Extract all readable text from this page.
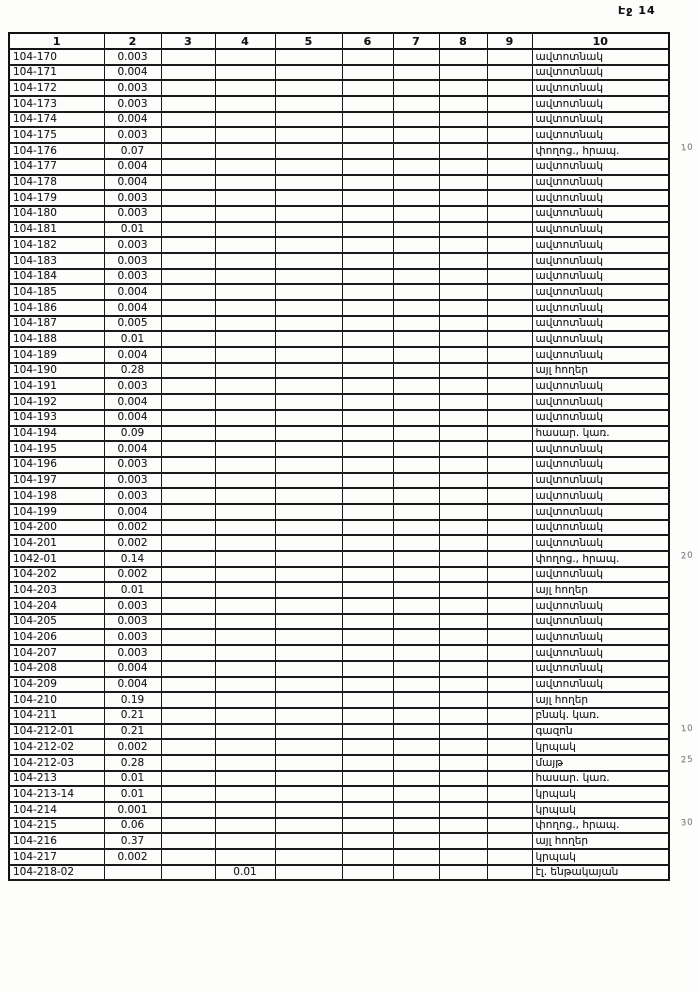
Էջ 14
1	2	3	4	5	6	7	8	9	10
104-170	0.003								ավտոտնակ
104-171	0.004								ավտոտնակ
104-172	0.003								ավտոտնակ
104-173	0.003								ավտոտնակ
104-174	0.004								ավտոտնակ
104-175	0.003								ավտոտնակ
104-176	0.07								փողոց., հրապ. 10

104-177	0.004								ավտոտնակ
104-178	0.004								ավտոտնակ
104-179	0.003								ավտոտնակ
104-180	0.003								ավտոտնակ
104-181	0.01								ավտոտնակ
104-182	0.003								ավտոտնակ
104-183	0.003								ավտոտնակ
104-184	0.003								ավտոտնակ
104-185	0.004								ավտոտնակ
104-186	0.004								ավտոտնակ
104-187	0.005								ավտոտնակ
104-188	0.01								ավտոտնակ
104-189	0.004								ավտոտնակ
104-190	0.28								այլ հողեր
104-191	0.003								ավտոտնակ
104-192	0.004								ավտոտնակ
104-193	0.004								ավտոտնակ
104-194	0.09								հասար. կառ.
104-195	0.004								ավտոտնակ
104-196	0.003								ավտոտնակ
104-197	0.003								ավտոտնակ
104-198	0.003								ավտոտնակ
104-199	0.004								ավտոտնակ
104-200	0.002								ավտոտնակ
104-201	0.002								ավտոտնակ
1042-01	0.14								փողոց., հրապ. 20

104-202	0.002								ավտոտնակ
104-203	0.01								այլ հողեր
104-204	0.003								ավտոտնակ
104-205	0.003								ավտոտնակ
104-206	0.003								ավտոտնակ
104-207	0.003								ավտոտնակ
104-208	0.004								ավտոտնակ
104-209	0.004								ավտոտնակ
104-210	0.19								այլ հողեր
104-211	0.21								բնակ. կառ.
104-212-01	0.21								գազոն 10

104-212-02	0.002								կրպակ
104-212-03	0.28								մայթ 25

104-213	0.01								հասար. կառ.
104-213-14	0.01								կրպակ
104-214	0.001								կրպակ
104-215	0.06								փողոց., հրապ. 30

104-216	0.37								այլ հողեր
104-217	0.002								կրպակ
104-218-02			0.01						էլ. ենթակայան
